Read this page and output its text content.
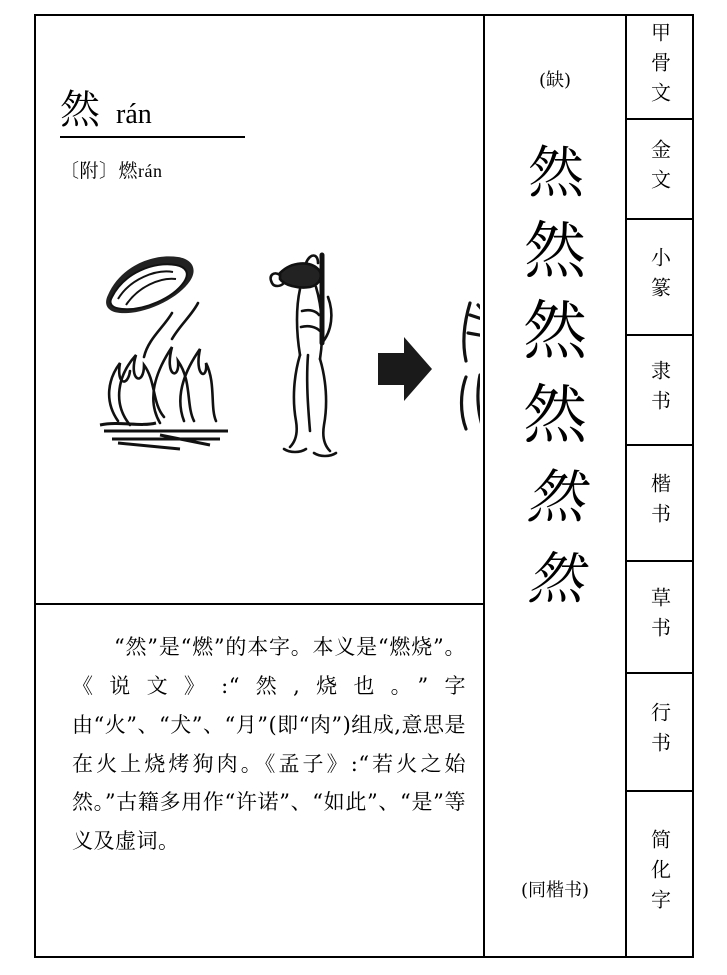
然 rán
〔附〕燃rán
“然”是“燃”的本字。本义是“燃烧”。《说文》:“然,烧也。”字由“火”、“犬”、“月”(即“肉”)组成,意思是在火上烧烤狗肉。《孟子》:“若火之始然。”古籍多用作“许诺”、“如此”、“是”等义及虚词。
(缺)
然
然
然
然
然
然
(同楷书)
甲骨文
金文
小篆
隶书
楷书
草书
行书
简化字
